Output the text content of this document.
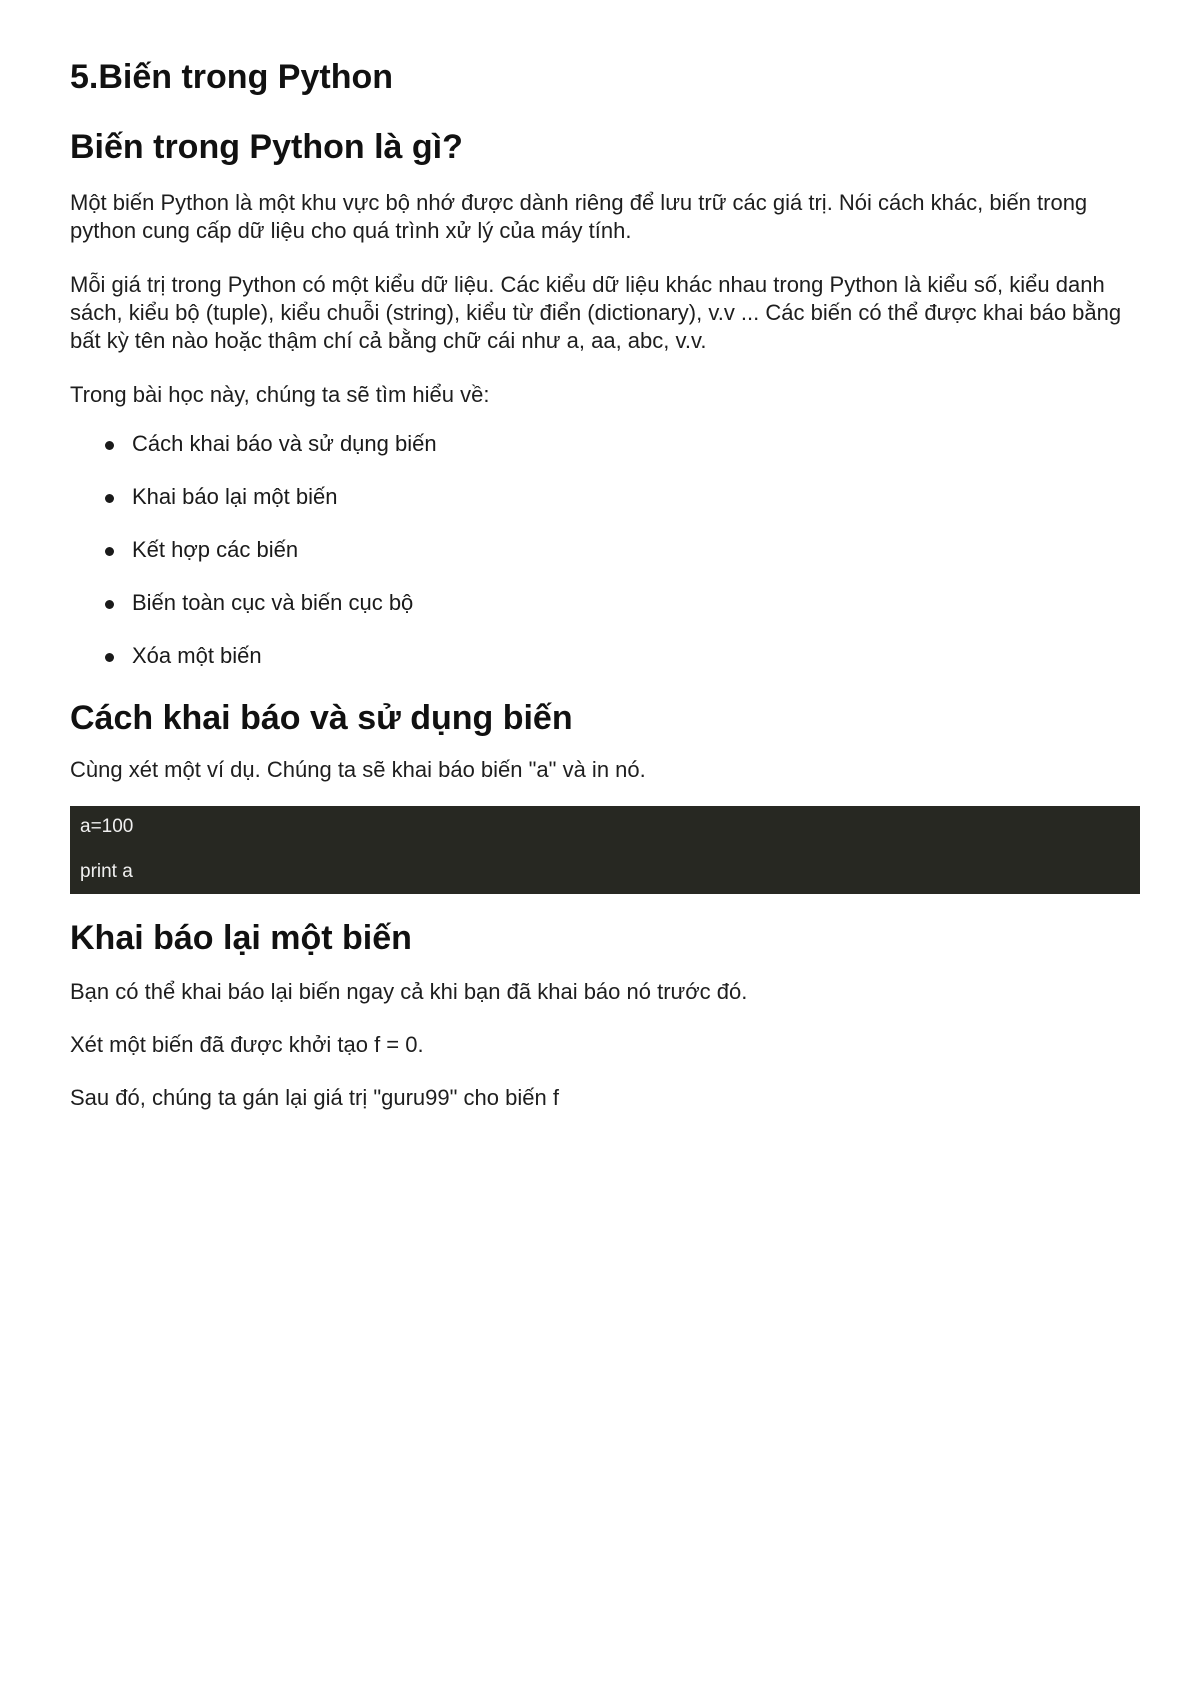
5.Biến trong Python
Biến trong Python là gì?

Một biến Python là một khu vực bộ nhớ được dành riêng để lưu trữ các giá trị. Nói cách khác, biến trong python cung cấp dữ liệu cho quá trình xử lý của máy tính.

Mỗi giá trị trong Python có một kiểu dữ liệu. Các kiểu dữ liệu khác nhau trong Python là kiểu số, kiểu danh sách, kiểu bộ (tuple), kiểu chuỗi (string), kiểu từ điển (dictionary), v.v ... Các biến có thể được khai báo bằng bất kỳ tên nào hoặc thậm chí cả bằng chữ cái như a, aa, abc, v.v.

Trong bài học này, chúng ta sẽ tìm hiểu về:

Cách khai báo và sử dụng biến
Khai báo lại một biến
Kết hợp các biến
Biến toàn cục và biến cục bộ
Xóa một biến
Cách khai báo và sử dụng biến

Cùng xét một ví dụ. Chúng ta sẽ khai báo biến "a" và in nó.

a=100
print a
Khai báo lại một biến

Bạn có thể khai báo lại biến ngay cả khi bạn đã khai báo nó trước đó.

Xét một biến đã được khởi tạo f = 0.

Sau đó, chúng ta gán lại giá trị "guru99" cho biến f
